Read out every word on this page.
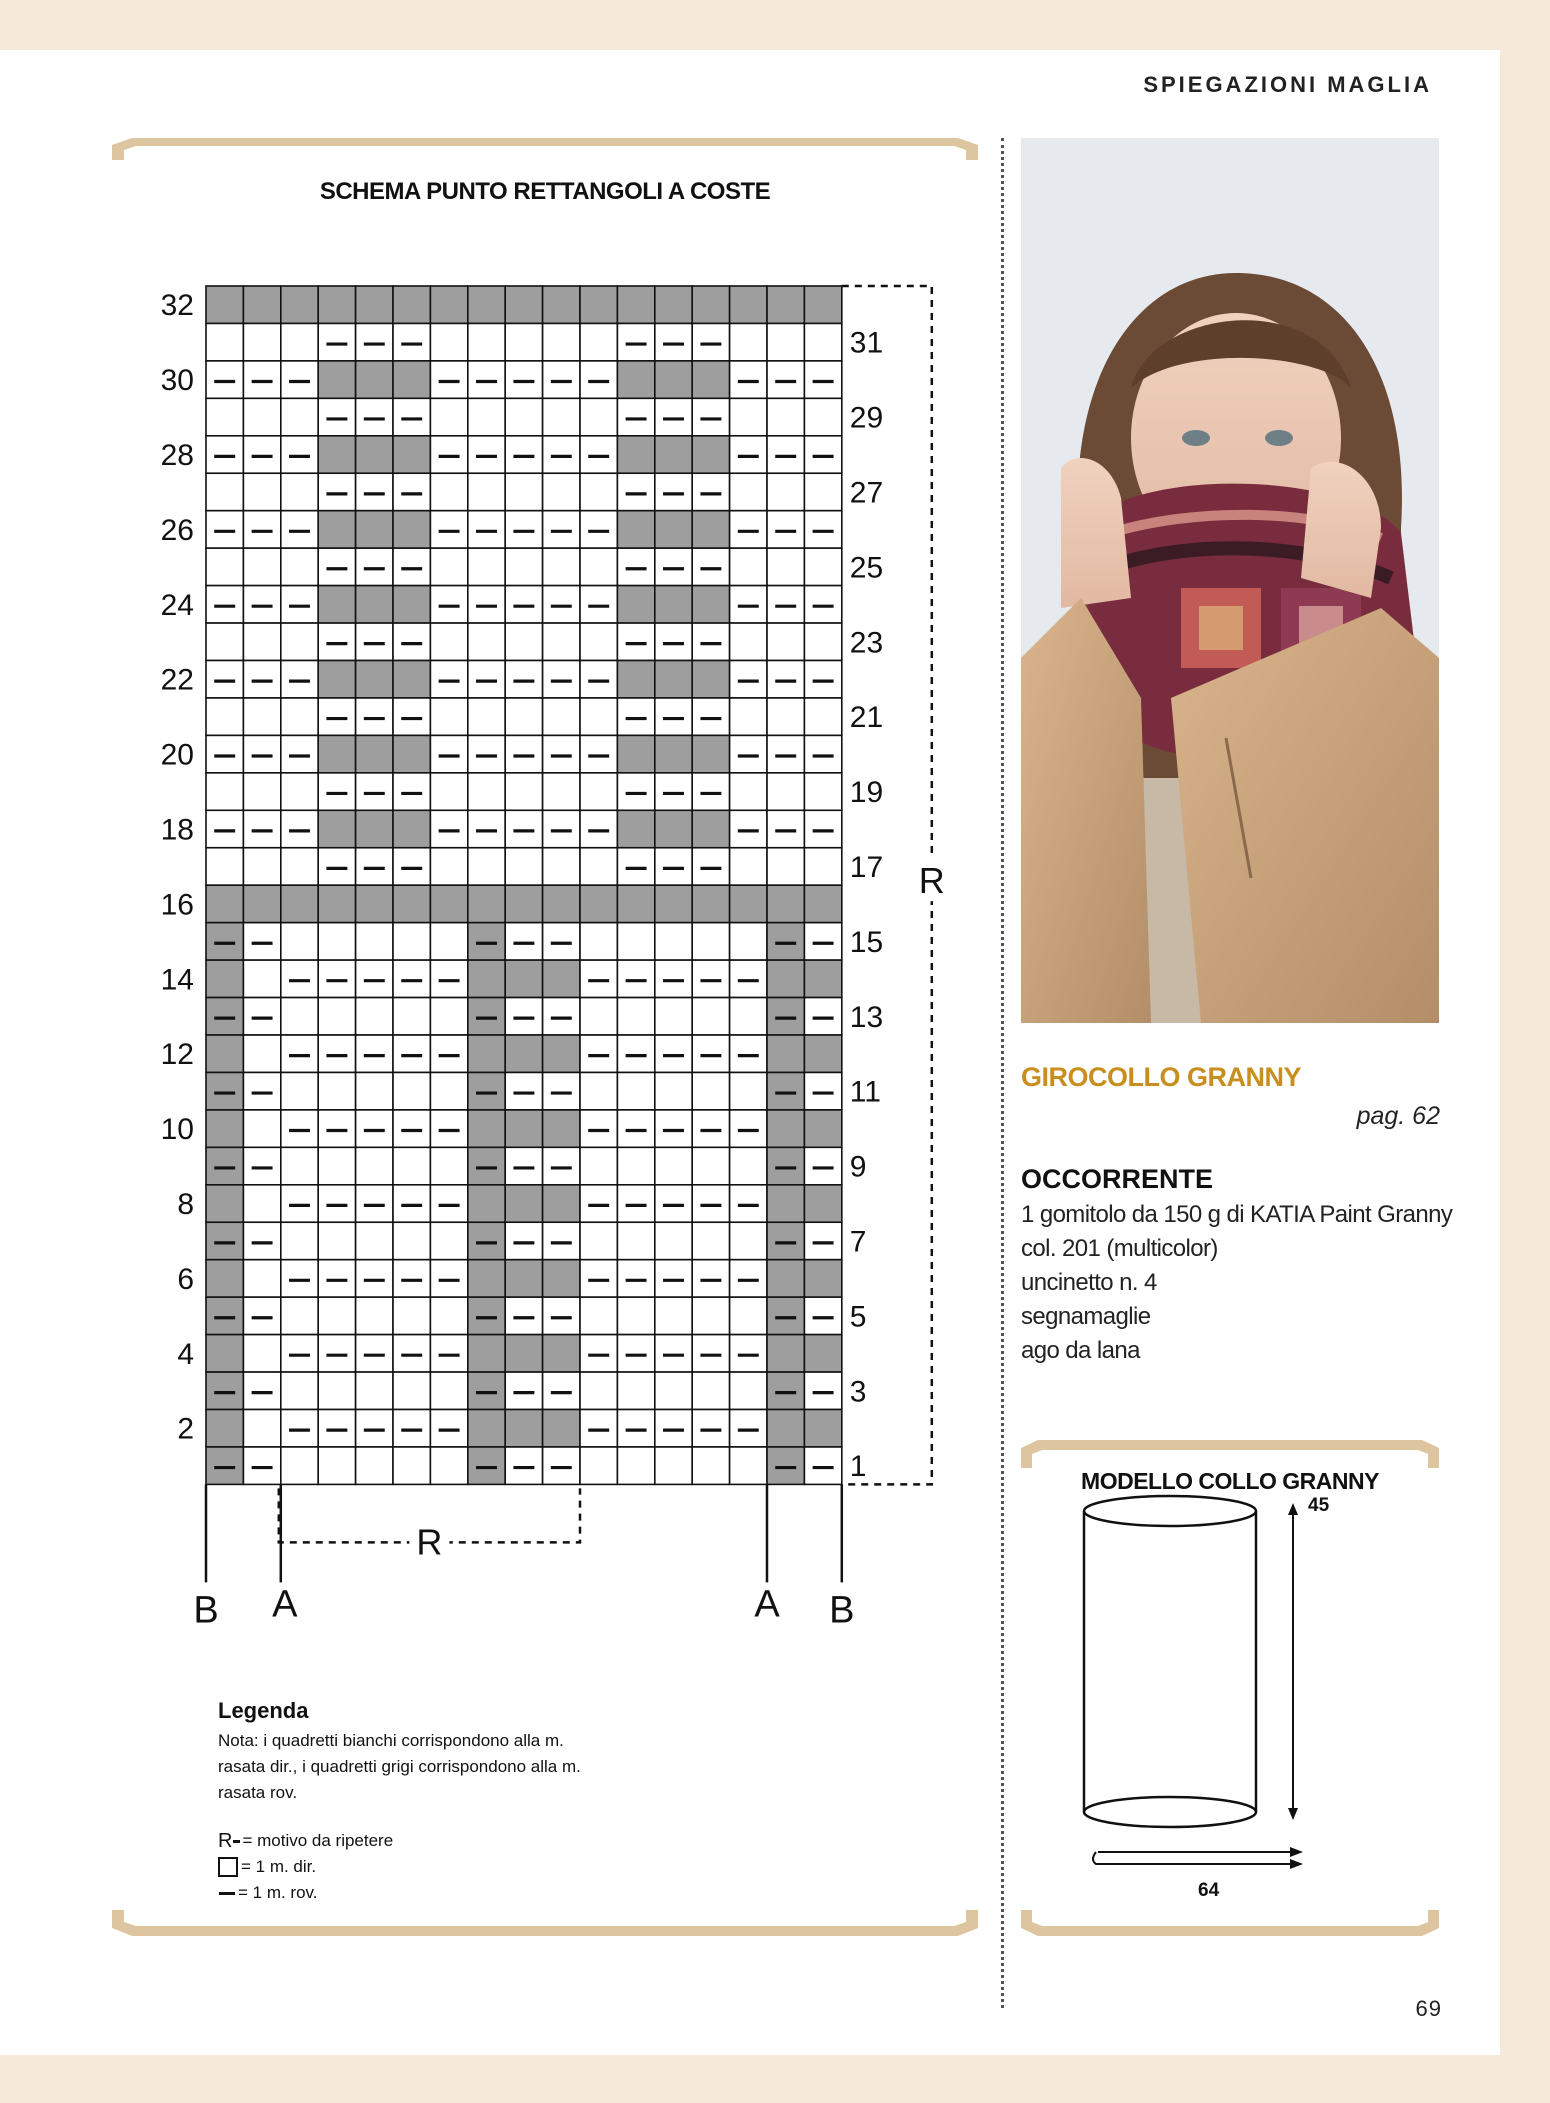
45
64

SPIEGAZIONI MAGLIA

SCHEMA PUNTO RETTANGOLI A COSTE

32
30
28
26
24
22
20
18
16
14
12
10
8
6
4
2
31
29
27
25
23
21
19
17
15
13
11
9
7
5
3
1
R
R
B A	A B

Legenda

Nota: i quadretti bianchi corrispondono alla m.

rasata dir., i quadretti grigi corrispondono alla m.

rasata rov.

R = motivo da ripetere

= 1 m. dir.

= 1 m. rov.

GIROCOLLO GRANNY

pag. 62

OCCORRENTE

1 gomitolo da 150 g di KATIA Paint Granny
col. 201 (multicolor)
uncinetto n. 4
segnamaglie
ago da lana

MODELLO COLLO GRANNY

69
